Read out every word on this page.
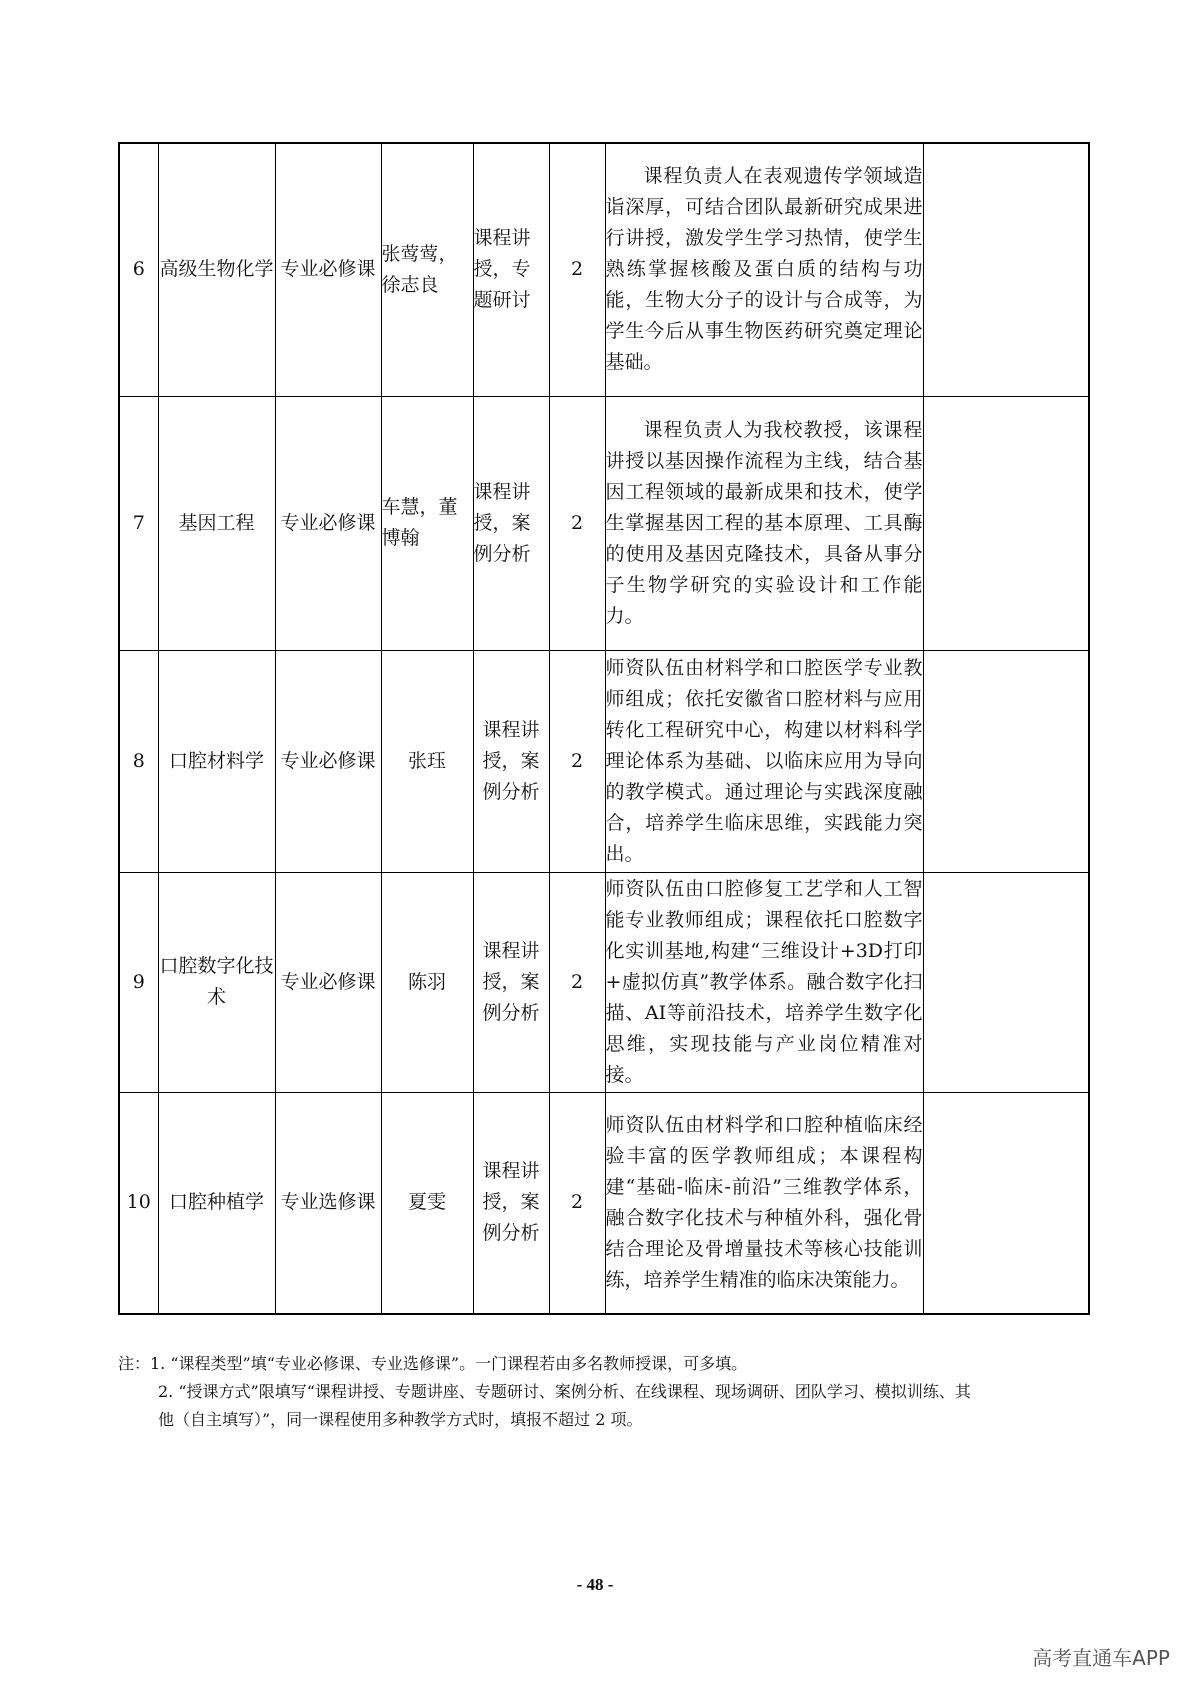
6	高级生物化学	专业必修课	张莺莺，徐志良	课程讲授，专题研讨	2	课程负责人在表观遗传学领域造诣深厚，可结合团队最新研究成果进行讲授，激发学生学习热情，使学生熟练掌握核酸及蛋白质的结构与功能，生物大分子的设计与合成等，为学生今后从事生物医药研究奠定理论基础。	
7	基因工程	专业必修课	车慧，董博翰	课程讲授，案例分析	2	课程负责人为我校教授，该课程讲授以基因操作流程为主线，结合基因工程领域的最新成果和技术，使学生掌握基因工程的基本原理、工具酶的使用及基因克隆技术，具备从事分子生物学研究的实验设计和工作能力。	
8	口腔材料学	专业必修课	张珏	课程讲授，案例分析	2	师资队伍由材料学和口腔医学专业教师组成；依托安徽省口腔材料与应用转化工程研究中心，构建以材料科学理论体系为基础、以临床应用为导向的教学模式。通过理论与实践深度融合，培养学生临床思维，实践能力突出。	
9	口腔数字化技术	专业必修课	陈羽	课程讲授，案例分析	2	师资队伍由口腔修复工艺学和人工智能专业教师组成；课程依托口腔数字化实训基地,构建“三维设计+3D打印+虚拟仿真”教学体系。融合数字化扫描、AI等前沿技术，培养学生数字化思维，实现技能与产业岗位精准对接。	
10	口腔种植学	专业选修课	夏雯	课程讲授，案例分析	2	师资队伍由材料学和口腔种植临床经验丰富的医学教师组成；本课程构建“基础-临床-前沿”三维教学体系，融合数字化技术与种植外科，强化骨结合理论及骨增量技术等核心技能训练，培养学生精准的临床决策能力。	
注：1. “课程类型”填“专业必修课、专业选修课”。一门课程若由多名教师授课，可多填。
2. “授课方式”限填写“课程讲授、专题讲座、专题研讨、案例分析、在线课程、现场调研、团队学习、模拟训练、其
他（自主填写）”，同一课程使用多种教学方式时，填报不超过 2 项。
- 48 -
高考直通车APP
